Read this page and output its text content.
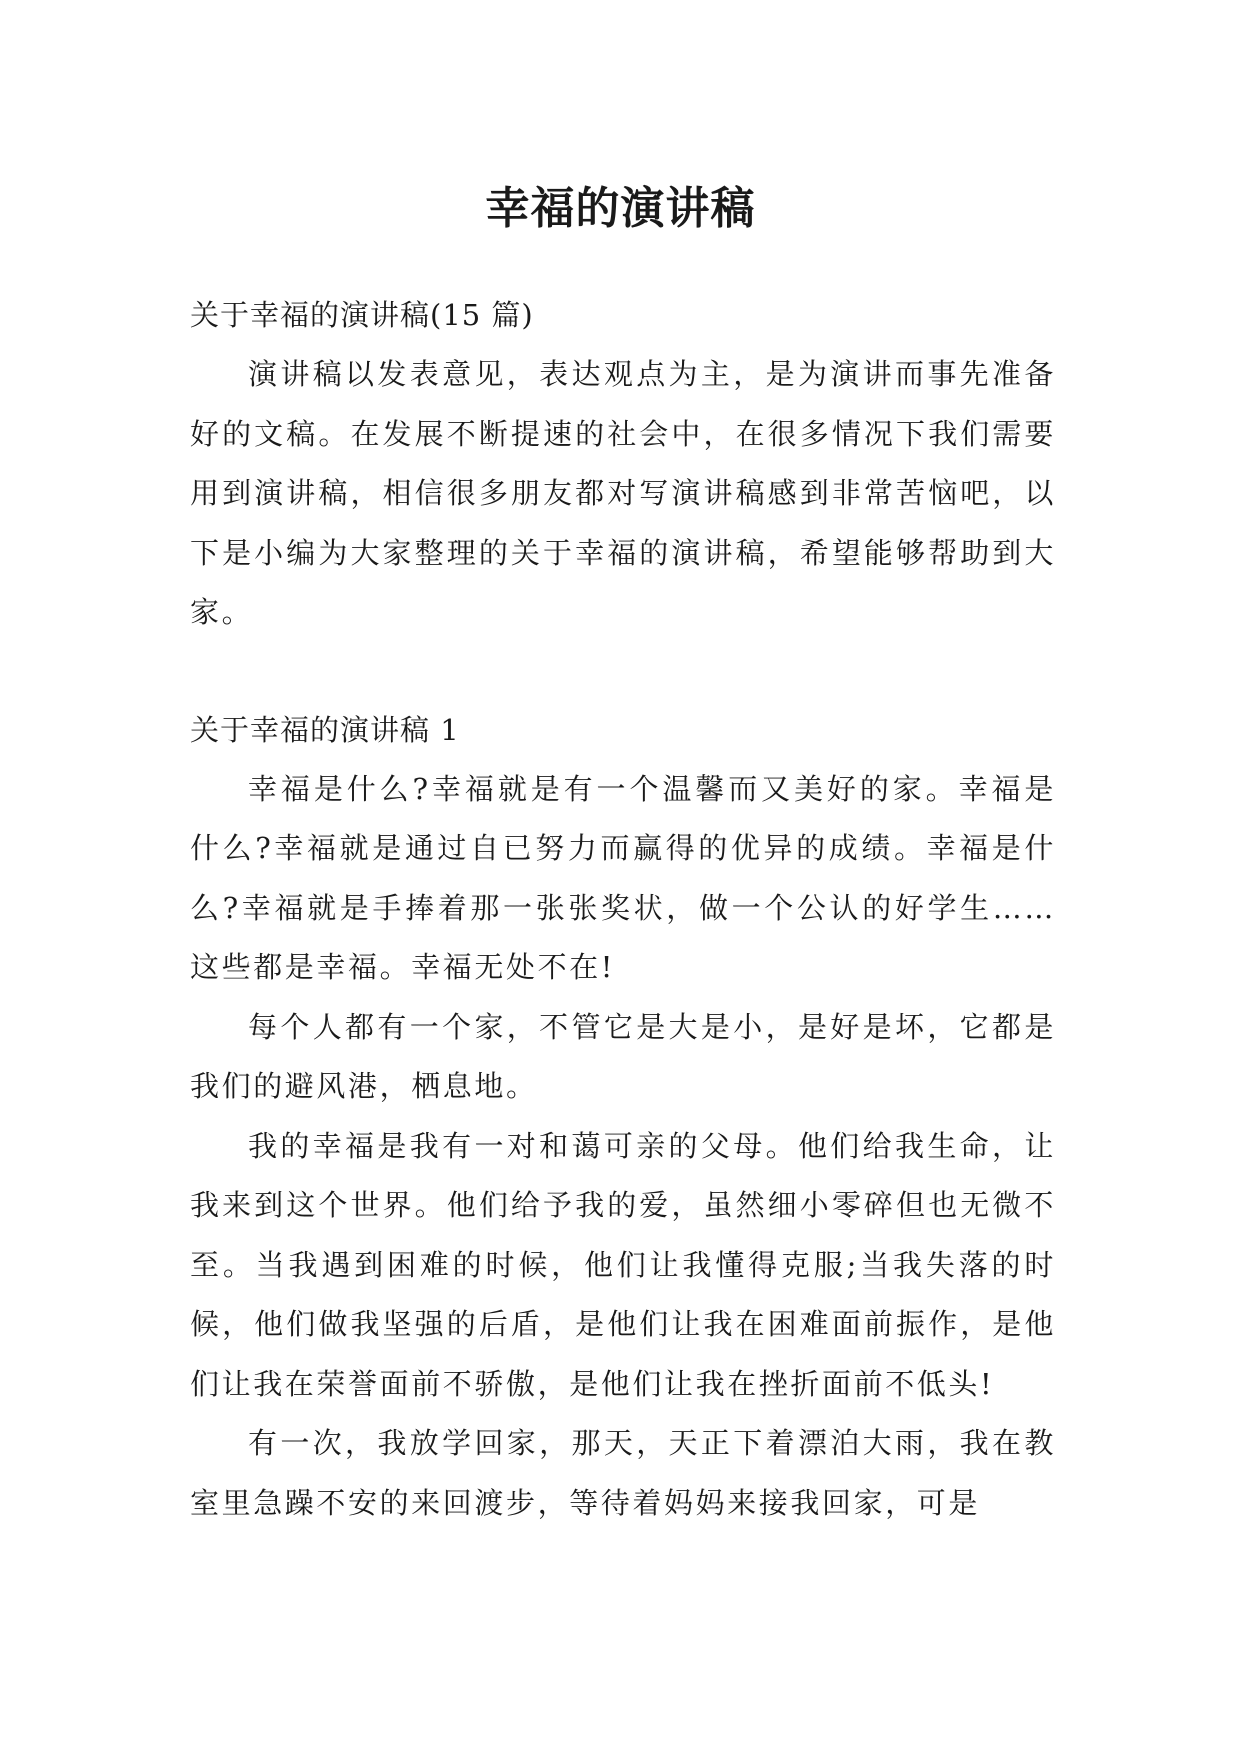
幸福的演讲稿

关于幸福的演讲稿(15 篇)

演讲稿以发表意见，表达观点为主，是为演讲而事先准备好的文稿。在发展不断提速的社会中，在很多情况下我们需要用到演讲稿，相信很多朋友都对写演讲稿感到非常苦恼吧，以下是小编为大家整理的关于幸福的演讲稿，希望能够帮助到大家。

关于幸福的演讲稿 1

幸福是什么?幸福就是有一个温馨而又美好的家。幸福是什么?幸福就是通过自已努力而赢得的优异的成绩。幸福是什么?幸福就是手捧着那一张张奖状，做一个公认的好学生……这些都是幸福。幸福无处不在!

每个人都有一个家，不管它是大是小，是好是坏，它都是我们的避风港，栖息地。

我的幸福是我有一对和蔼可亲的父母。他们给我生命，让我来到这个世界。他们给予我的爱，虽然细小零碎但也无微不至。当我遇到困难的时候，他们让我懂得克服;当我失落的时候，他们做我坚强的后盾，是他们让我在困难面前振作，是他们让我在荣誉面前不骄傲，是他们让我在挫折面前不低头!

有一次，我放学回家，那天，天正下着漂泊大雨，我在教室里急躁不安的来回渡步，等待着妈妈来接我回家，可是
